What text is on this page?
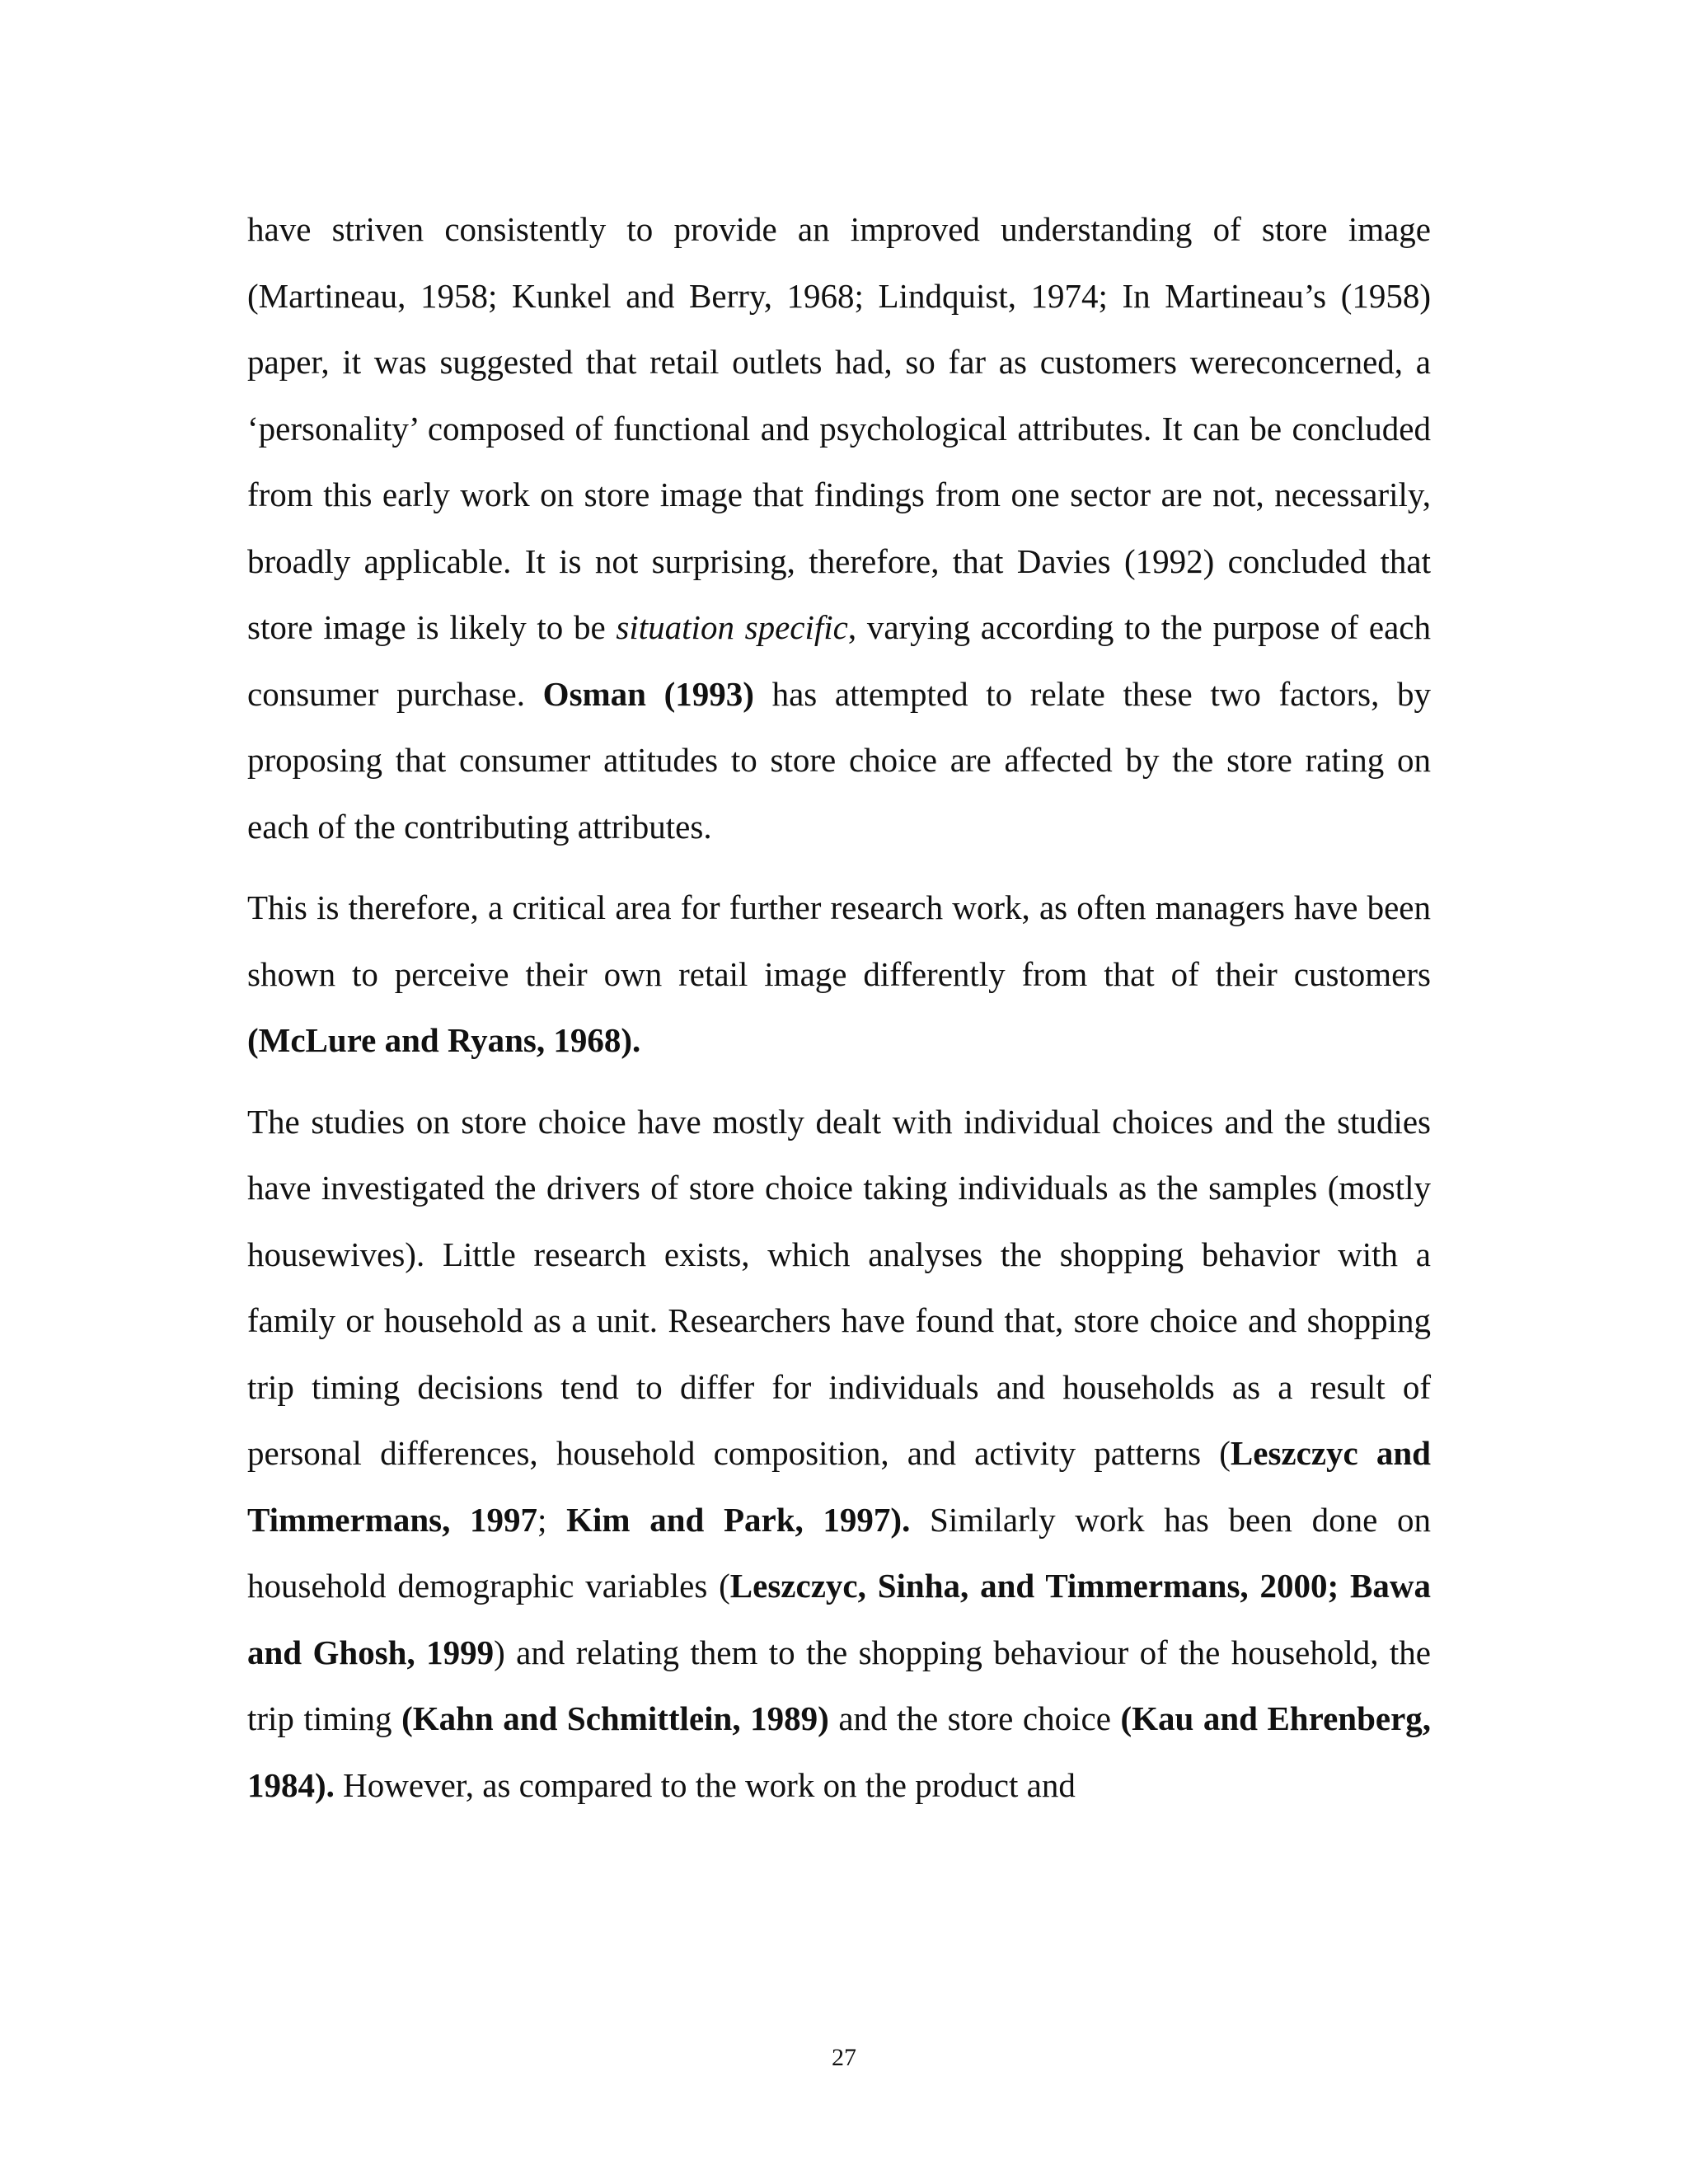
have striven consistently to provide an improved understanding of store image (Martineau, 1958; Kunkel and Berry, 1968; Lindquist, 1974; In Martineau’s (1958) paper, it was suggested that retail outlets had, so far as customers wereconcerned, a ‘personality’ composed of functional and psychological attributes. It can be concluded from this early work on store image that findings from one sector are not, necessarily, broadly applicable. It is not surprising, therefore, that Davies (1992) concluded that store image is likely to be situation specific, varying according to the purpose of each consumer purchase. Osman (1993) has attempted to relate these two factors, by proposing that consumer attitudes to store choice are affected by the store rating on each of the contributing attributes.

This is therefore, a critical area for further research work, as often managers have been shown to perceive their own retail image differently from that of their customers (McLure and Ryans, 1968).

The studies on store choice have mostly dealt with individual choices and the studies have investigated the drivers of store choice taking individuals as the samples (mostly housewives). Little research exists, which analyses the shopping behavior with a family or household as a unit. Researchers have found that, store choice and shopping trip timing decisions tend to differ for individuals and households as a result of personal differences, household composition, and activity patterns (Leszczyc and Timmermans, 1997; Kim and Park, 1997). Similarly work has been done on household demographic variables (Leszczyc, Sinha, and Timmermans, 2000; Bawa and Ghosh, 1999) and relating them to the shopping behaviour of the household, the trip timing (Kahn and Schmittlein, 1989) and the store choice (Kau and Ehrenberg, 1984). However, as compared to the work on the product and

27
